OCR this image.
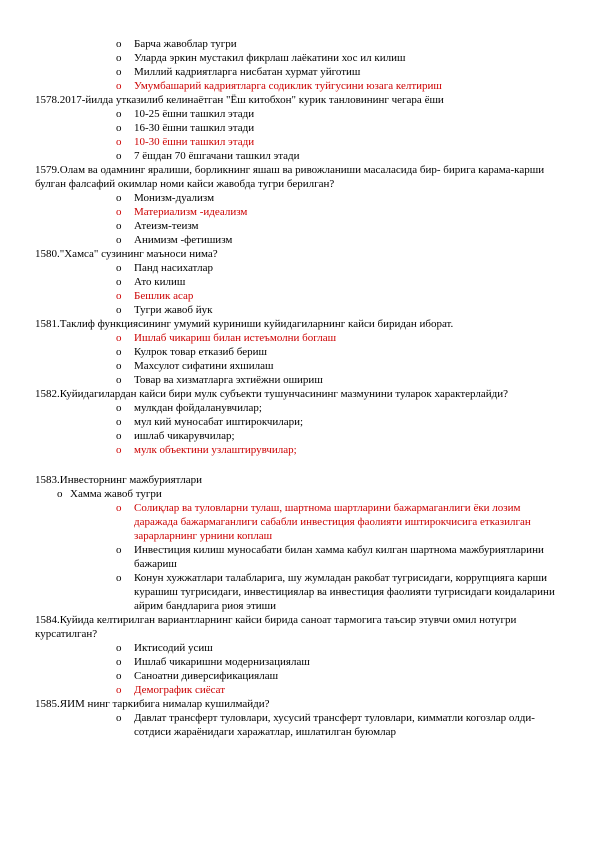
o Барча жавоблар тугри
o Уларда эркин мустакил фикрлаш лаёкатини хос ил килиш
o Миллий кадриятларга нисбатан хурмат уйготиш
o Умумбашарий кадриятларга содиклик туйгусини юзага келтириш
1578.2017-йилда утказилиб келинаётган "Ёш китобхон" курик танловининг чегара ёши
o 10-25 ёшни ташкил этади
o 16-30 ёшни ташкил этади
o 10-30 ёшни ташкил этади
o 7 ёшдан 70 ёшгачани ташкил этади
1579.Олам ва одамнинг яралиши, борликнинг яшаш ва ривожланиши масаласида бир- бирига карама-карши булган фалсафий окимлар номи кайси жавобда тугри берилган?
o Монизм-дуализм
o Материализм -идеализм
o Атеизм-теизм
o Анимизм -фетишизм
1580."Хамса" сузининг маъноси нима?
o Панд насихатлар
o Ато килиш
o Бешлик асар
o Тугри жавоб йук
1581.Таклиф функциясининг умумий куриниши куйидагиларнинг кайси биридан иборат.
o Ишлаб чикариш билан истеъмолни боглаш
o Кулрок товар етказиб бериш
o Махсулот сифатини яхшилаш
o Товар ва хизматларга эхтиёжни ошириш
1582.Куйидагилардан кайси бири мулк субъекти тушунчасининг мазмунини туларок характерлайди?
o мулкдан фойдаланувчилар;
o мул кий муносабат иштирокчилари;
o ишлаб чикарувчилар;
o мулк объектини узлаштирувчилар;
1583.Инвесторнинг мажбуриятлари
o Хамма жавоб тугри
o Солиқлар ва туловларни тулаш, шартнома шартларини бажармаганлиги ёки лозим даражада бажармаганлиги сабабли инвестиция фаолияти иштирокчисига етказилган зарарларнинг урнини коплаш
o Инвестиция килиш муносабати билан хамма кабул килган шартнома мажбуриятларини бажариш
o Конун хужжатлари талабларига, шу жумладан ракобат тугрисидаги, коррупцияга карши курашиш тугрисидаги, инвестициялар ва инвестиция фаолияти тугрисидаги коидаларини айрим бандларига риоя этиши
1584.Куйида келтирилган вариантларнинг кайси бирида саноат тармогига таъсир этувчи омил нотугри курсатилган?
o Иктисодий усиш
o Ишлаб чикаришни модернизациялаш
o Саноатни диверсификациялаш
o Демографик сиёсат
1585.ЯИМ нинг таркибига нималар кушилмайди?
o Давлат трансферт туловлари, хусусий трансферт туловлари, кимматли когозлар олди-сотдиси жараёнидаги харажатлар, ишлатилган буюмлар
